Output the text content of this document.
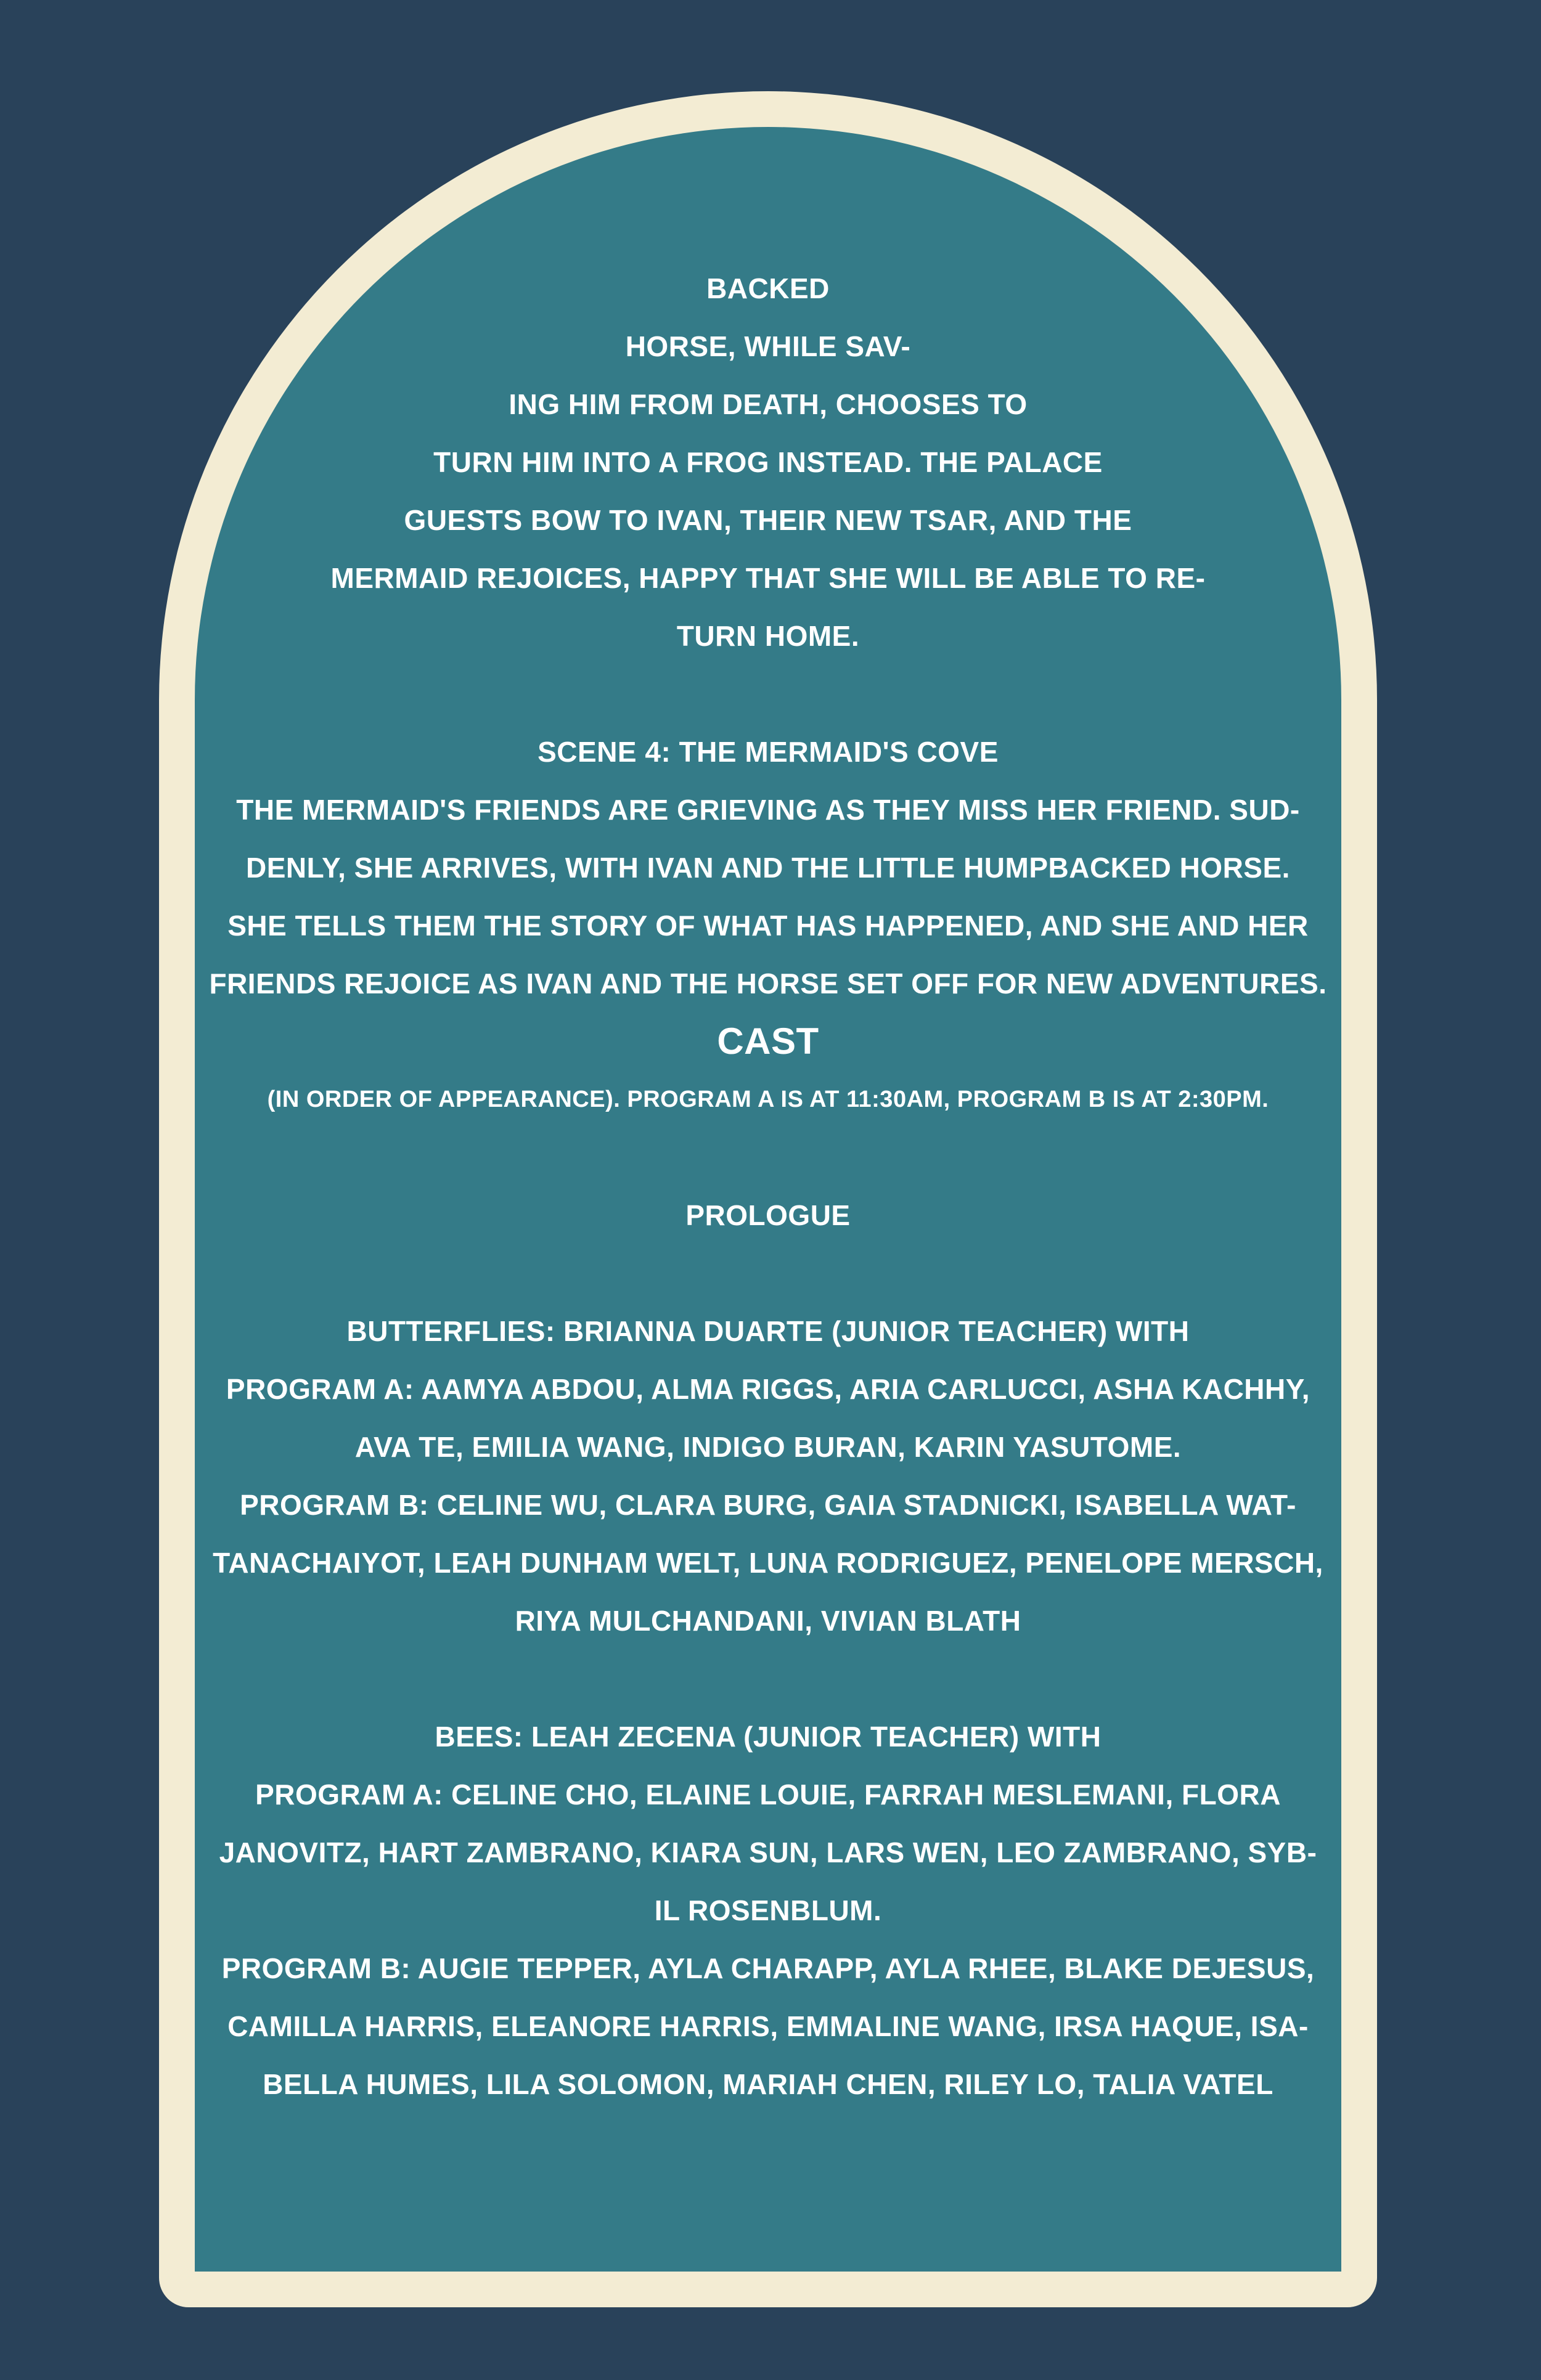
BACKED

HORSE, WHILE SAV-

ING HIM FROM DEATH, CHOOSES TO

TURN HIM INTO A FROG INSTEAD. THE PALACE

GUESTS BOW TO IVAN, THEIR NEW TSAR, AND THE

MERMAID REJOICES, HAPPY THAT SHE WILL BE ABLE TO RE-

TURN HOME.

SCENE 4: THE MERMAID'S COVE

THE MERMAID'S FRIENDS ARE GRIEVING AS THEY MISS HER FRIEND. SUD-

DENLY, SHE ARRIVES, WITH IVAN AND THE LITTLE HUMPBACKED HORSE.

SHE TELLS THEM THE STORY OF WHAT HAS HAPPENED, AND SHE AND HER

FRIENDS REJOICE AS IVAN AND THE HORSE SET OFF FOR NEW ADVENTURES.

CAST

(IN ORDER OF APPEARANCE). PROGRAM A IS AT 11:30AM, PROGRAM B IS AT 2:30PM.

PROLOGUE

BUTTERFLIES: BRIANNA DUARTE (JUNIOR TEACHER) WITH

PROGRAM A: AAMYA ABDOU, ALMA RIGGS, ARIA CARLUCCI, ASHA KACHHY,

AVA TE, EMILIA WANG, INDIGO BURAN, KARIN YASUTOME.

PROGRAM B: CELINE WU, CLARA BURG, GAIA STADNICKI, ISABELLA WAT-

TANACHAIYOT, LEAH DUNHAM WELT, LUNA RODRIGUEZ, PENELOPE MERSCH,

RIYA MULCHANDANI, VIVIAN BLATH

BEES: LEAH ZECENA (JUNIOR TEACHER) WITH

PROGRAM A: CELINE CHO, ELAINE LOUIE, FARRAH MESLEMANI, FLORA

JANOVITZ, HART ZAMBRANO, KIARA SUN, LARS WEN, LEO ZAMBRANO, SYB-

IL ROSENBLUM.

PROGRAM B: AUGIE TEPPER, AYLA CHARAPP, AYLA RHEE, BLAKE DEJESUS,

CAMILLA HARRIS, ELEANORE HARRIS, EMMALINE WANG, IRSA HAQUE, ISA-

BELLA HUMES, LILA SOLOMON, MARIAH CHEN, RILEY LO, TALIA VATEL
